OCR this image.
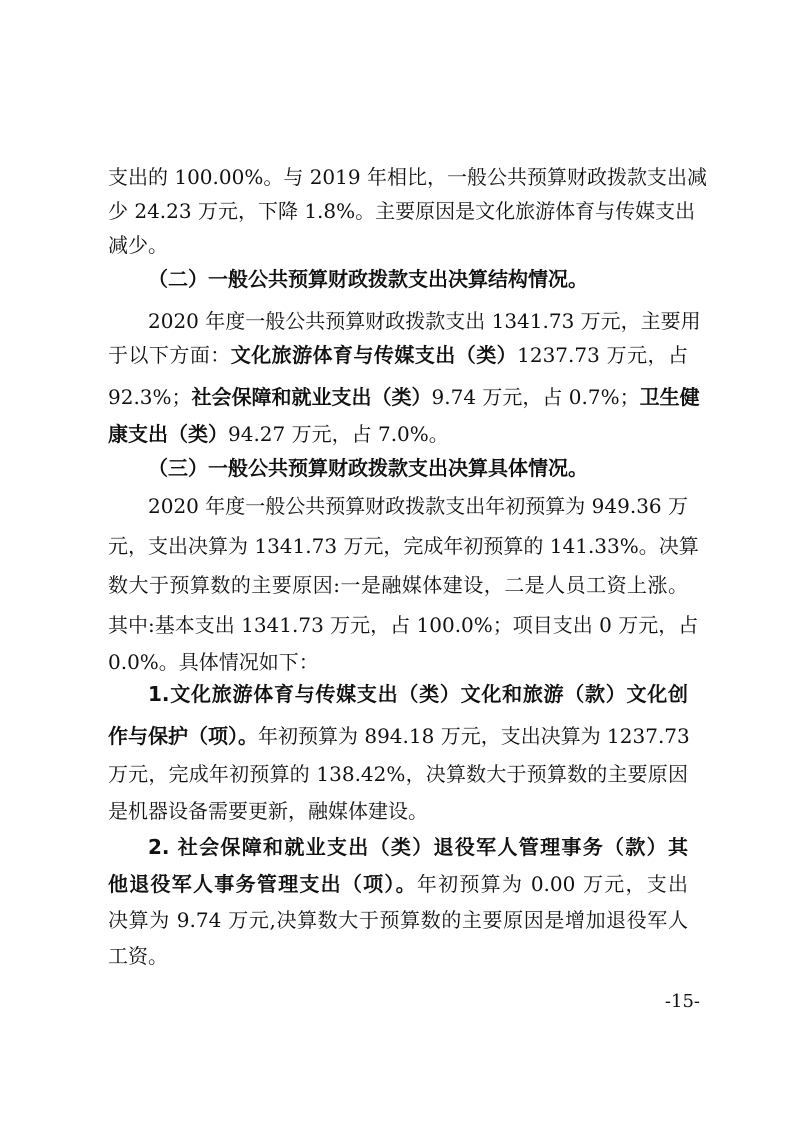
支出的 100.00%。与 2019 年相比，一般公共预算财政拨款支出减
少 24.23 万元，下降 1.8%。主要原因是文化旅游体育与传媒支出
减少。
（二）一般公共预算财政拨款支出决算结构情况。
2020 年度一般公共预算财政拨款支出 1341.73 万元，主要用
于以下方面：文化旅游体育与传媒支出（类）1237.73 万元，占
92.3%；社会保障和就业支出（类）9.74 万元，占 0.7%；卫生健
康支出（类）94.27 万元，占 7.0%。
（三）一般公共预算财政拨款支出决算具体情况。
2020 年度一般公共预算财政拨款支出年初预算为 949.36 万
元，支出决算为 1341.73 万元，完成年初预算的 141.33%。决算
数大于预算数的主要原因:一是融媒体建设，二是人员工资上涨。
其中:基本支出 1341.73 万元，占 100.0%；项目支出 0 万元，占
0.0%。具体情况如下：
1.文化旅游体育与传媒支出（类）文化和旅游（款）文化创
作与保护（项）。年初预算为 894.18 万元，支出决算为 1237.73
万元，完成年初预算的 138.42%，决算数大于预算数的主要原因
是机器设备需要更新，融媒体建设。
2. 社会保障和就业支出（类）退役军人管理事务（款）其
他退役军人事务管理支出（项）。年初预算为 0.00 万元，支出
决算为 9.74 万元,决算数大于预算数的主要原因是增加退役军人
工资。
-15-
